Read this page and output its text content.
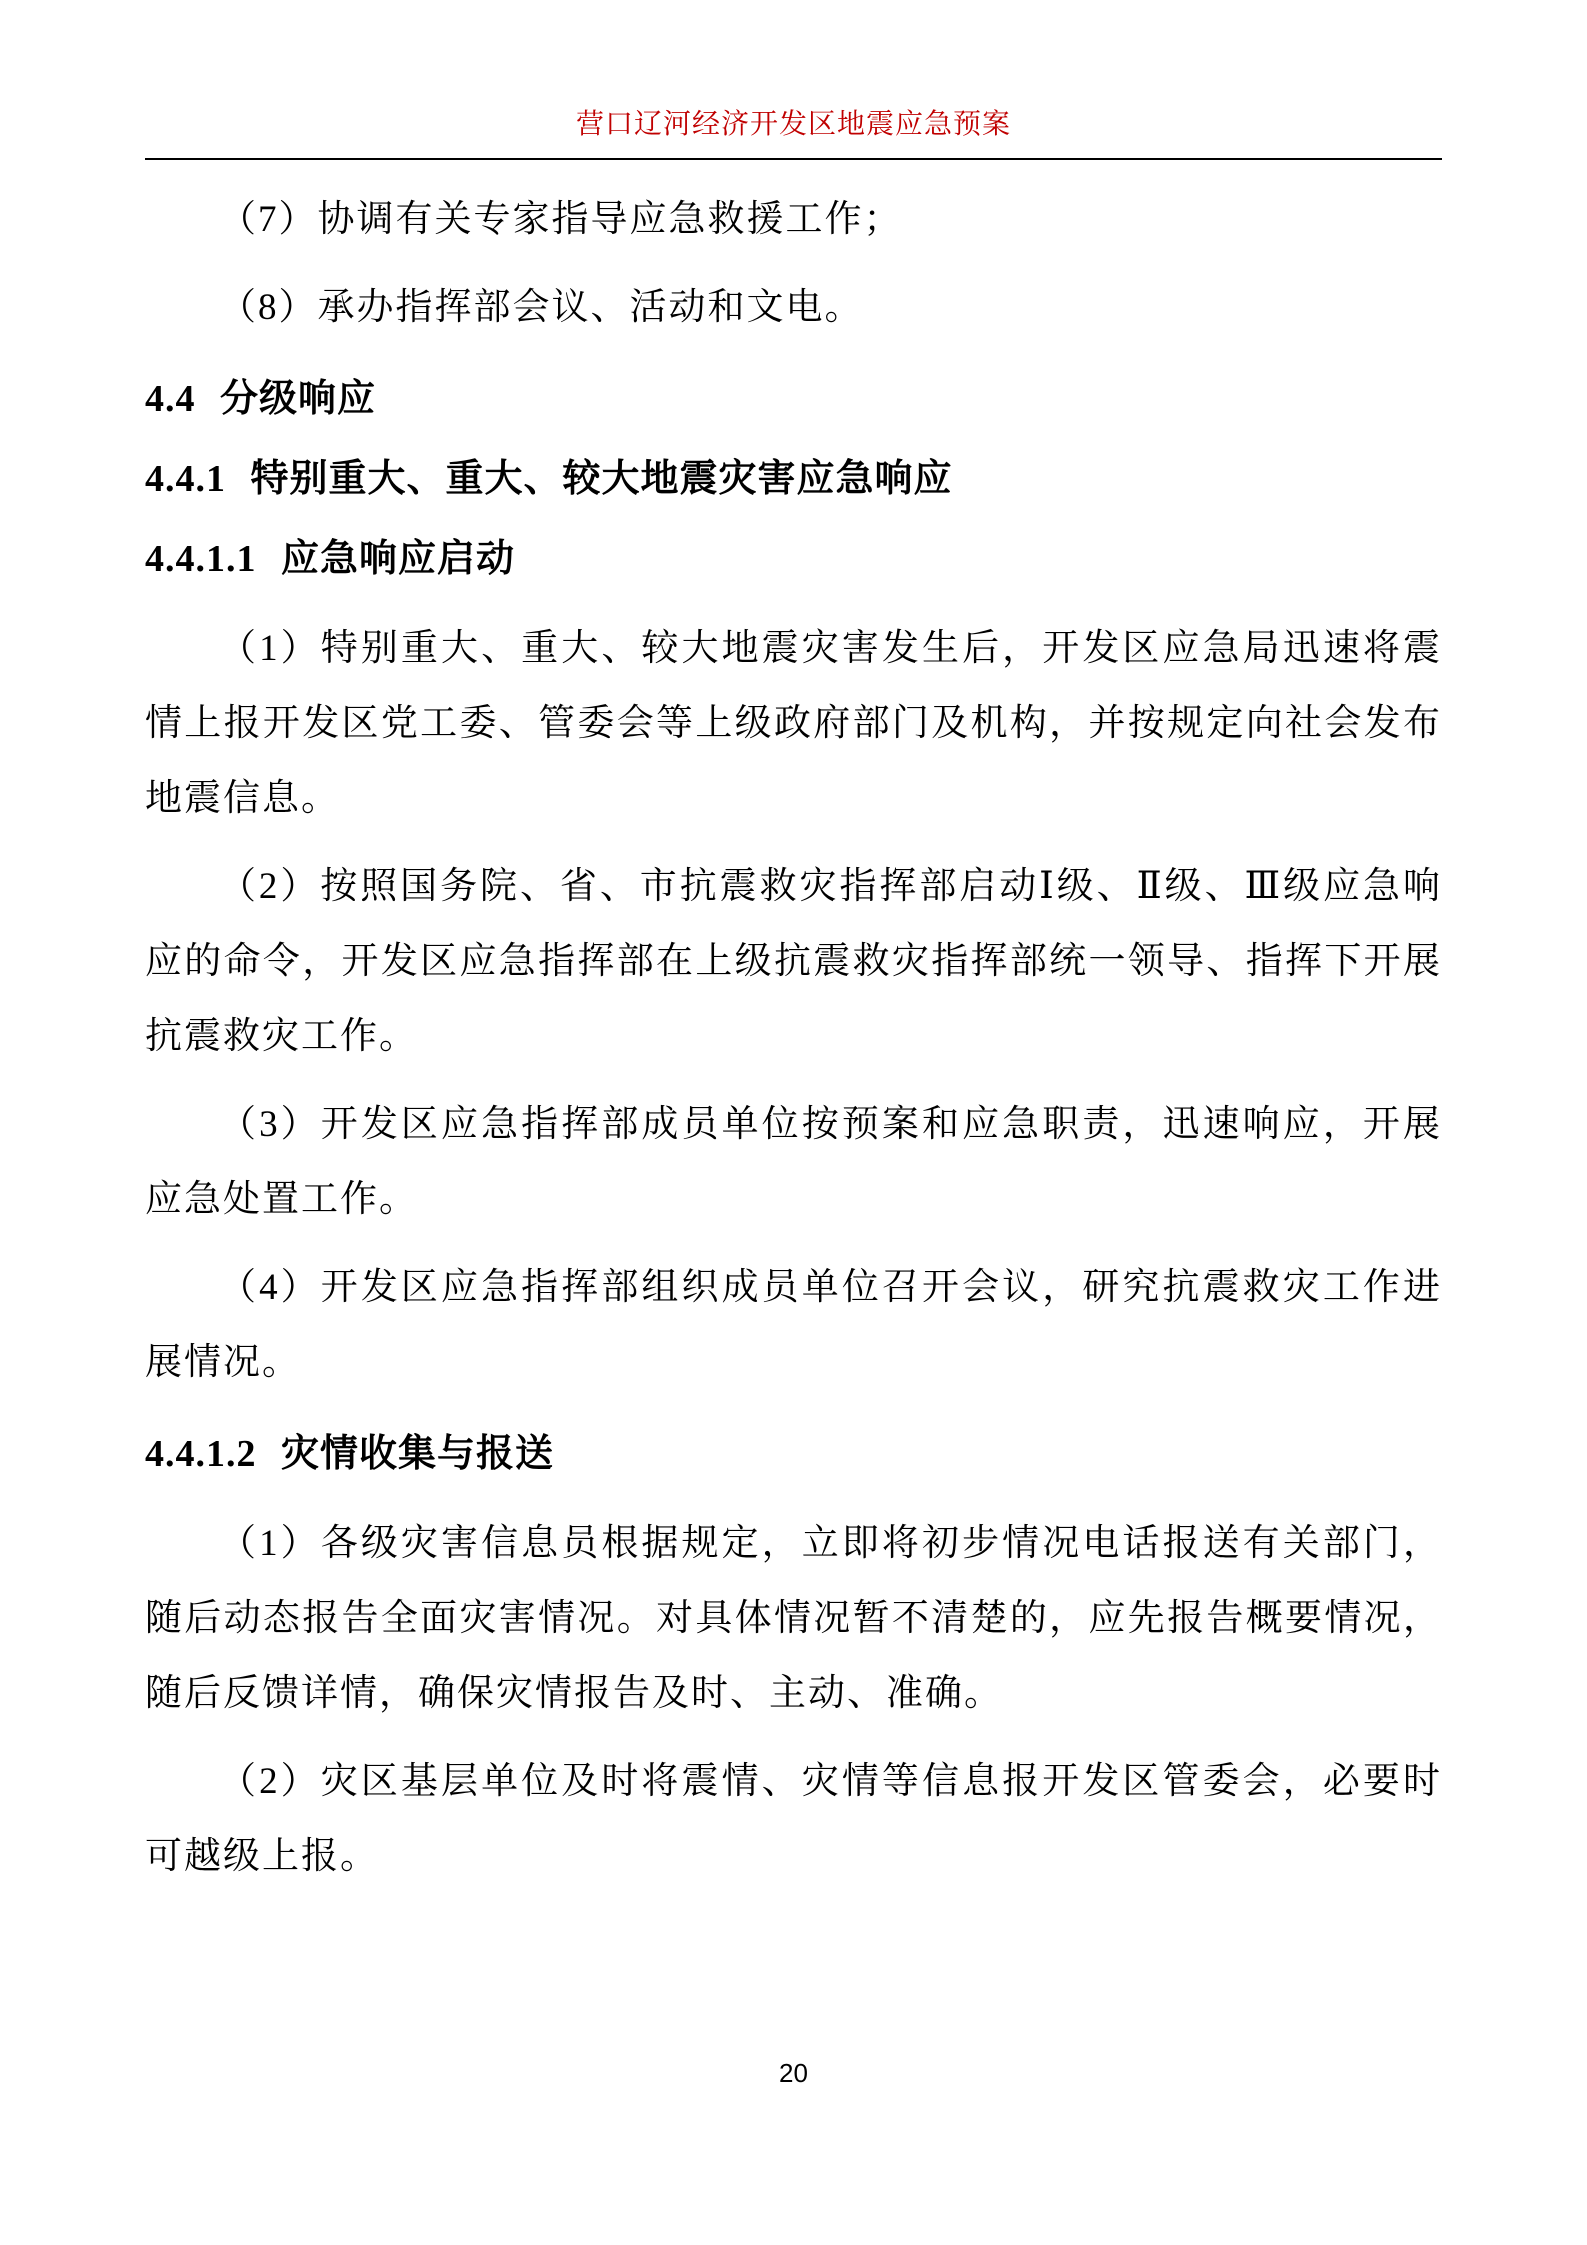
营口辽河经济开发区地震应急预案

（7）协调有关专家指导应急救援工作；

（8）承办指挥部会议、活动和文电。

4.4 分级响应
4.4.1 特别重大、重大、较大地震灾害应急响应
4.4.1.1 应急响应启动

（1）特别重大、重大、较大地震灾害发生后，开发区应急局迅速将震情上报开发区党工委、管委会等上级政府部门及机构，并按规定向社会发布地震信息。

（2）按照国务院、省、市抗震救灾指挥部启动Ⅰ级、Ⅱ级、Ⅲ级应急响应的命令，开发区应急指挥部在上级抗震救灾指挥部统一领导、指挥下开展抗震救灾工作。

（3）开发区应急指挥部成员单位按预案和应急职责，迅速响应，开展应急处置工作。

（4）开发区应急指挥部组织成员单位召开会议，研究抗震救灾工作进展情况。

4.4.1.2 灾情收集与报送

（1）各级灾害信息员根据规定，立即将初步情况电话报送有关部门，随后动态报告全面灾害情况。对具体情况暂不清楚的，应先报告概要情况，随后反馈详情，确保灾情报告及时、主动、准确。

（2）灾区基层单位及时将震情、灾情等信息报开发区管委会，必要时可越级上报。

20
